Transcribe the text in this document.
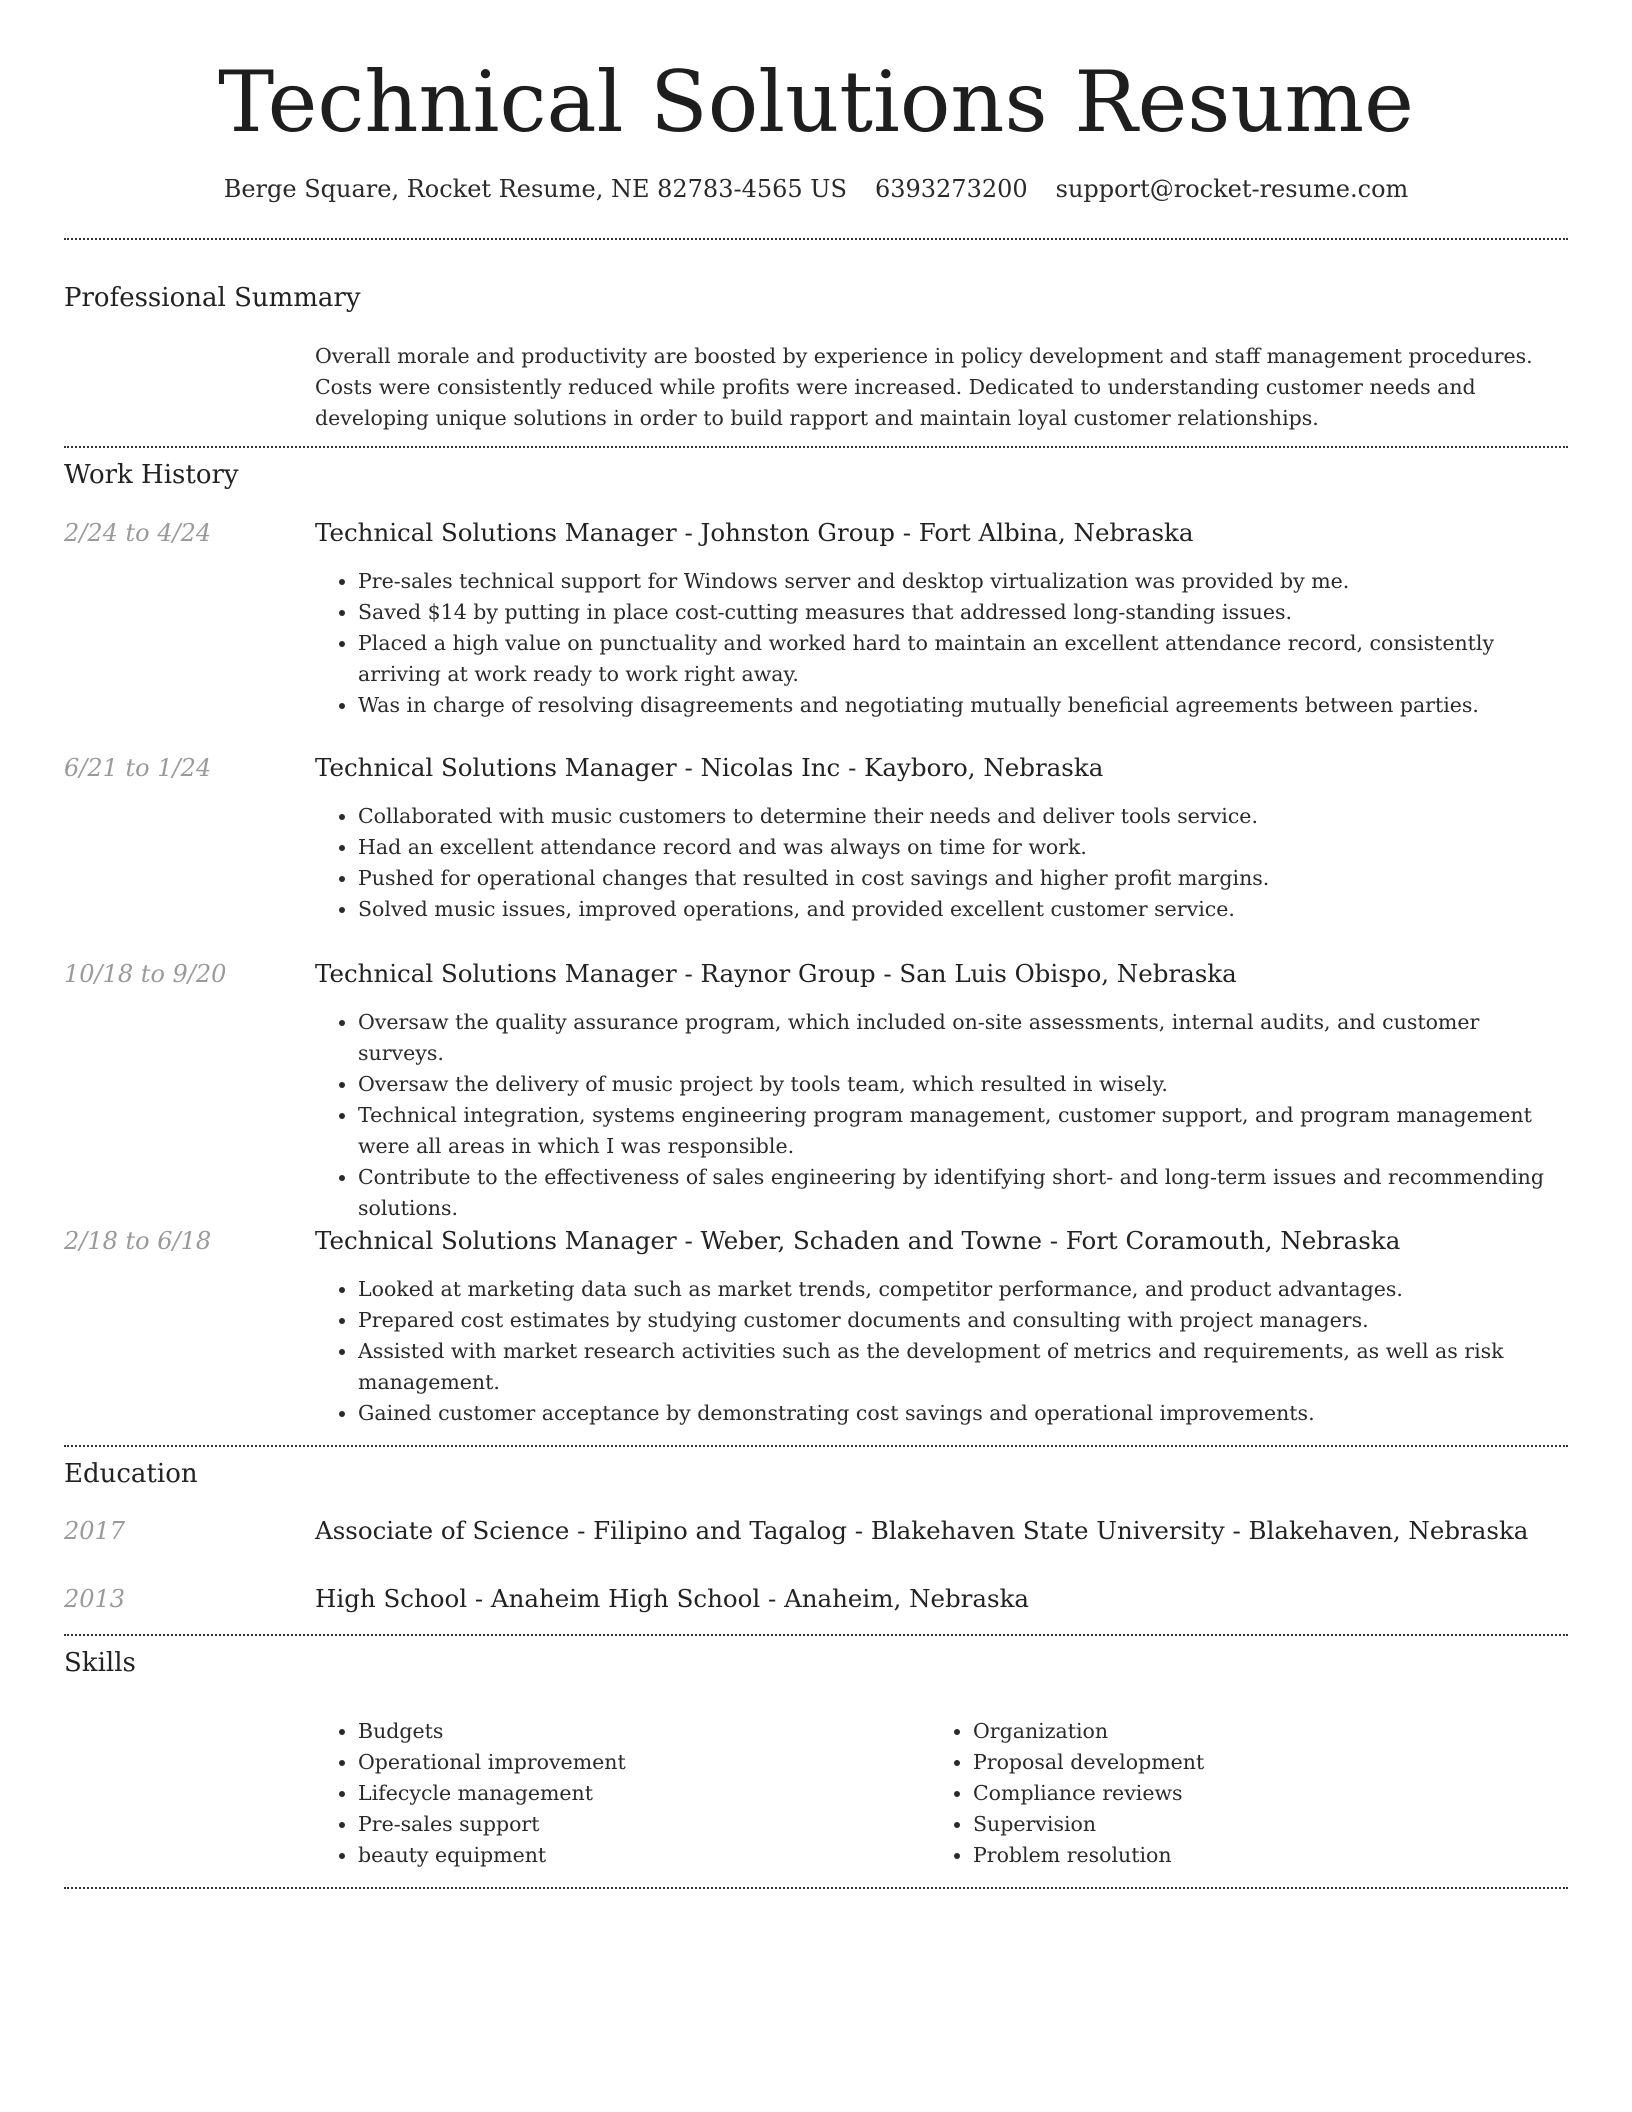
Technical Solutions Resume
Berge Square, Rocket Resume, NE 82783-4565 US 6393273200 support@rocket-resume.com
Professional Summary
Overall morale and productivity are boosted by experience in policy development and staff management procedures. Costs were consistently reduced while profits were increased. Dedicated to understanding customer needs and developing unique solutions in order to build rapport and maintain loyal customer relationships.
Work History
2/24 to 4/24	Technical Solutions Manager - Johnston Group - Fort Albina, Nebraska
• Pre-sales technical support for Windows server and desktop virtualization was provided by me.
• Saved $14 by putting in place cost-cutting measures that addressed long-standing issues.
• Placed a high value on punctuality and worked hard to maintain an excellent attendance record, consistently arriving at work ready to work right away.
• Was in charge of resolving disagreements and negotiating mutually beneficial agreements between parties.
6/21 to 1/24	Technical Solutions Manager - Nicolas Inc - Kayboro, Nebraska
• Collaborated with music customers to determine their needs and deliver tools service.
• Had an excellent attendance record and was always on time for work.
• Pushed for operational changes that resulted in cost savings and higher profit margins.
• Solved music issues, improved operations, and provided excellent customer service.
10/18 to 9/20	Technical Solutions Manager - Raynor Group - San Luis Obispo, Nebraska
• Oversaw the quality assurance program, which included on-site assessments, internal audits, and customer surveys.
• Oversaw the delivery of music project by tools team, which resulted in wisely.
• Technical integration, systems engineering program management, customer support, and program management were all areas in which I was responsible.
• Contribute to the effectiveness of sales engineering by identifying short- and long-term issues and recommending solutions.
2/18 to 6/18	Technical Solutions Manager - Weber, Schaden and Towne - Fort Coramouth, Nebraska
• Looked at marketing data such as market trends, competitor performance, and product advantages.
• Prepared cost estimates by studying customer documents and consulting with project managers.
• Assisted with market research activities such as the development of metrics and requirements, as well as risk management.
• Gained customer acceptance by demonstrating cost savings and operational improvements.
Education
2017	Associate of Science - Filipino and Tagalog - Blakehaven State University - Blakehaven, Nebraska
2013	High School - Anaheim High School - Anaheim, Nebraska
Skills
• Budgets
• Operational improvement
• Lifecycle management
• Pre-sales support
• beauty equipment
• Organization
• Proposal development
• Compliance reviews
• Supervision
• Problem resolution
